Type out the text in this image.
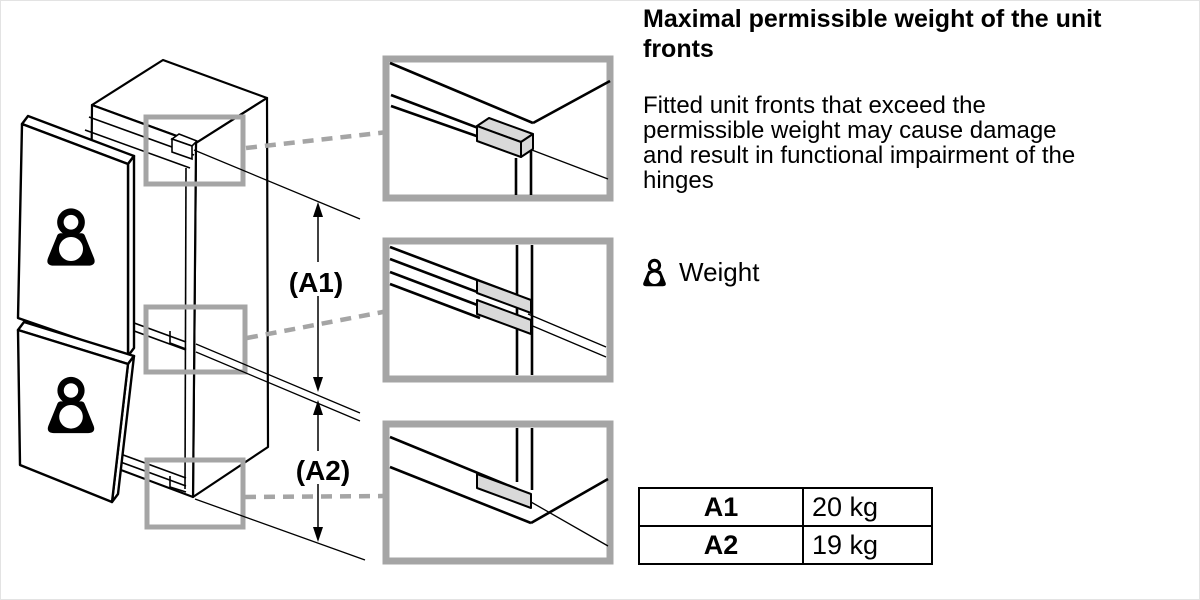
(A1)
(A2)
Maximal permissible weight of the unit
fronts
Fitted unit fronts that exceed the
permissible weight may cause damage
and result in functional impairment of the
hinges
Weight
A1	20 kg
A2	19 kg
